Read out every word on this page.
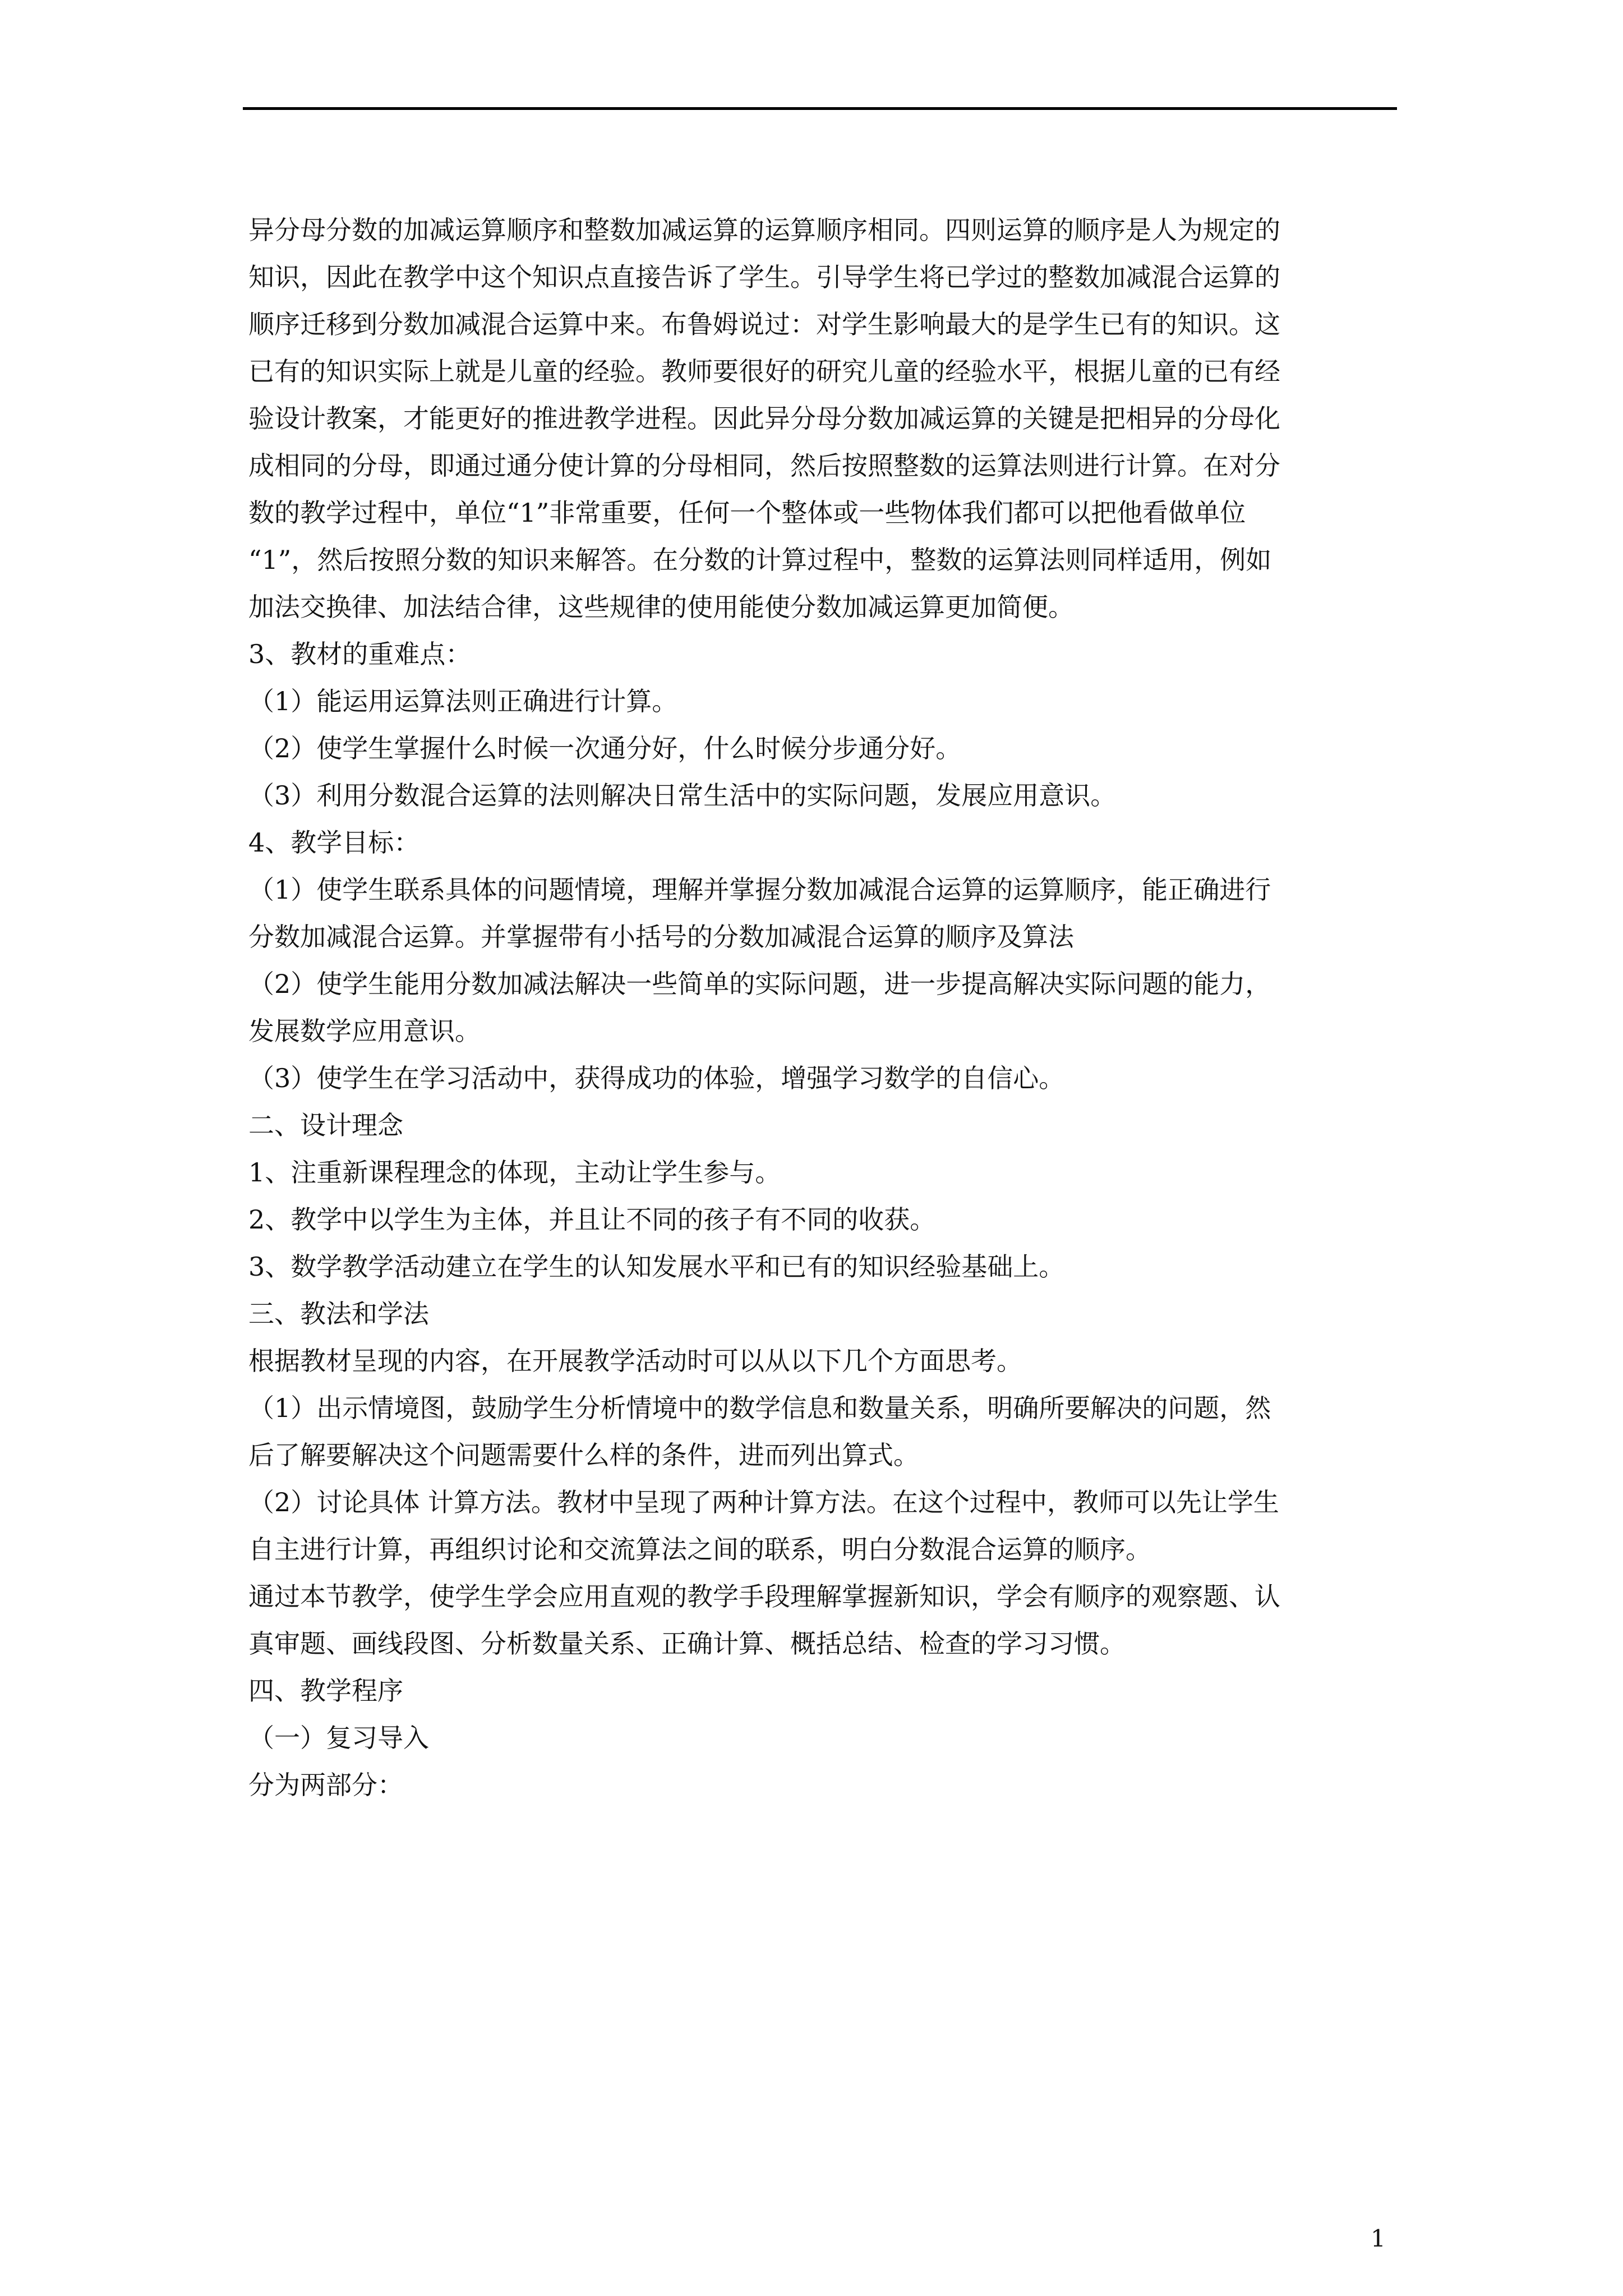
异分母分数的加减运算顺序和整数加减运算的运算顺序相同。四则运算的顺序是人为规定的
知识，因此在教学中这个知识点直接告诉了学生。引导学生将已学过的整数加减混合运算的
顺序迁移到分数加减混合运算中来。布鲁姆说过：对学生影响最大的是学生已有的知识。这
已有的知识实际上就是儿童的经验。教师要很好的研究儿童的经验水平，根据儿童的已有经
验设计教案，才能更好的推进教学进程。因此异分母分数加减运算的关键是把相异的分母化
成相同的分母，即通过通分使计算的分母相同，然后按照整数的运算法则进行计算。在对分
数的教学过程中，单位“1”非常重要，任何一个整体或一些物体我们都可以把他看做单位
“1”，然后按照分数的知识来解答。在分数的计算过程中，整数的运算法则同样适用，例如
加法交换律、加法结合律，这些规律的使用能使分数加减运算更加简便。
3、教材的重难点：
（1）能运用运算法则正确进行计算。
（2）使学生掌握什么时候一次通分好，什么时候分步通分好。
（3）利用分数混合运算的法则解决日常生活中的实际问题，发展应用意识。
4、教学目标：
（1）使学生联系具体的问题情境，理解并掌握分数加减混合运算的运算顺序，能正确进行
分数加减混合运算。并掌握带有小括号的分数加减混合运算的顺序及算法
（2）使学生能用分数加减法解决一些简单的实际问题，进一步提高解决实际问题的能力，
发展数学应用意识。
（3）使学生在学习活动中，获得成功的体验，增强学习数学的自信心。
二、设计理念
1、注重新课程理念的体现，主动让学生参与。
2、教学中以学生为主体，并且让不同的孩子有不同的收获。
3、数学教学活动建立在学生的认知发展水平和已有的知识经验基础上。
三、教法和学法
根据教材呈现的内容，在开展教学活动时可以从以下几个方面思考。
（1）出示情境图，鼓励学生分析情境中的数学信息和数量关系，明确所要解决的问题，然
后了解要解决这个问题需要什么样的条件，进而列出算式。
（2）讨论具体 计算方法。教材中呈现了两种计算方法。在这个过程中，教师可以先让学生
自主进行计算，再组织讨论和交流算法之间的联系，明白分数混合运算的顺序。
通过本节教学，使学生学会应用直观的教学手段理解掌握新知识，学会有顺序的观察题、认
真审题、画线段图、分析数量关系、正确计算、概括总结、检查的学习习惯。
四、教学程序
（一）复习导入
分为两部分：
1
